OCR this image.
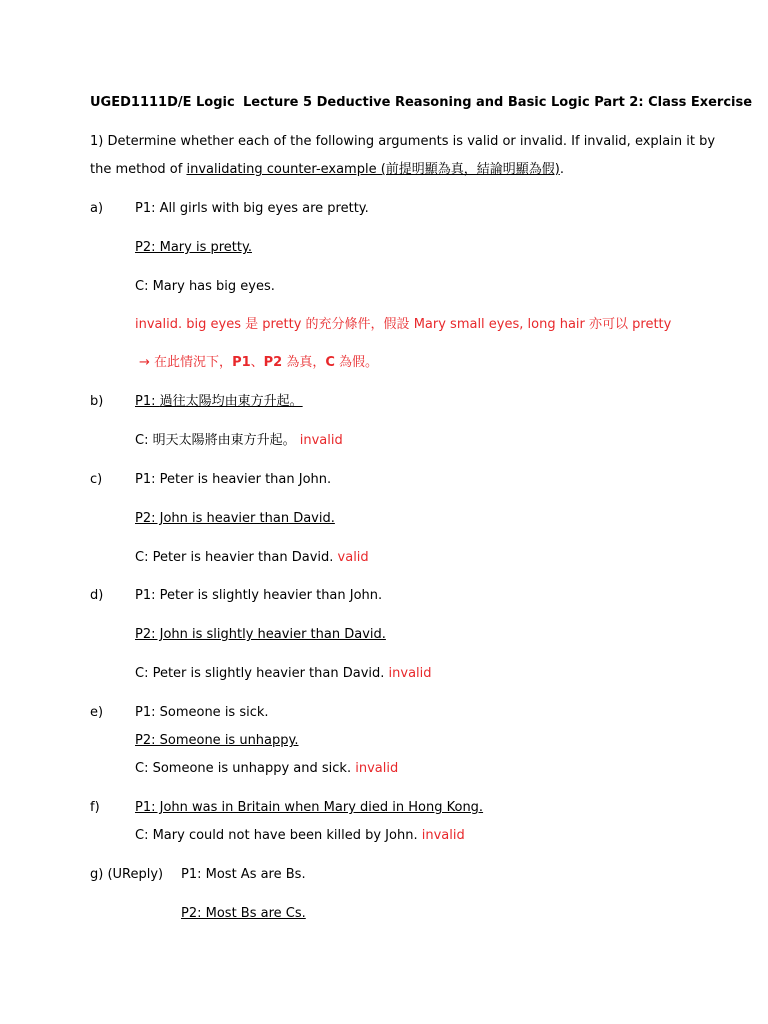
UGED1111D/E Logic Lecture 5 Deductive Reasoning and Basic Logic Part 2: Class Exercise
1) Determine whether each of the following arguments is valid or invalid. If invalid, explain it by
the method of invalidating counter-example (前提明顯為真，結論明顯為假).
a) P1: All girls with big eyes are pretty.
P2: Mary is pretty.
C: Mary has big eyes.
invalid. big eyes 是 pretty 的充分條件，假設 Mary small eyes, long hair 亦可以 pretty
→ 在此情況下，P1、P2 為真，C 為假。
b) P1: 過往太陽均由東方升起。
C: 明天太陽將由東方升起。 invalid
c)	P1: Peter is heavier than John.
P2: John is heavier than David.
C: Peter is heavier than David. valid
d) P1: Peter is slightly heavier than John.
P2: John is slightly heavier than David.
C: Peter is slightly heavier than David. invalid
e) P1: Someone is sick.
P2: Someone is unhappy.
C: Someone is unhappy and sick. invalid
f)	P1: John was in Britain when Mary died in Hong Kong.
C: Mary could not have been killed by John. invalid
g) (UReply) P1: Most As are Bs.
P2: Most Bs are Cs.
